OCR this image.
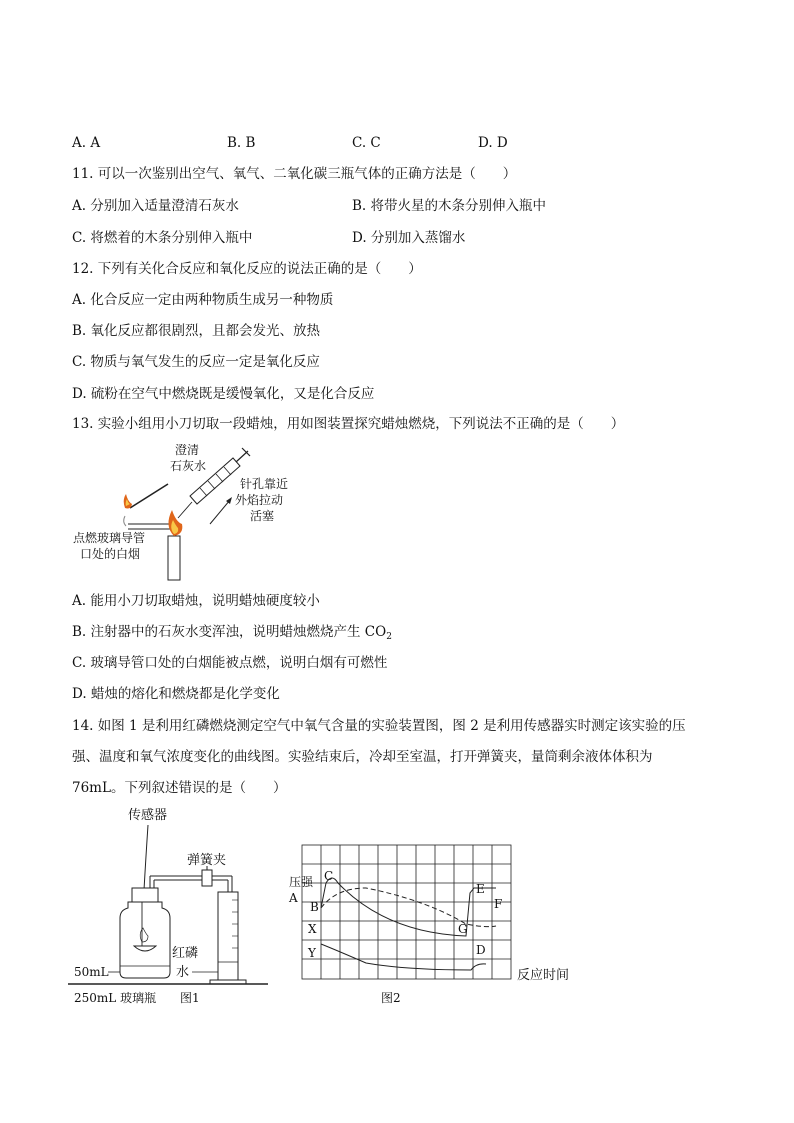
A. A	B. B	C. C	D. D
11. 可以一次鉴别出空气、氧气、二氧化碳三瓶气体的正确方法是（　　）
A. 分别加入适量澄清石灰水	B. 将带火星的木条分别伸入瓶中
C. 将燃着的木条分别伸入瓶中	D. 分别加入蒸馏水
12. 下列有关化合反应和氧化反应的说法正确的是（　　）
A. 化合反应一定由两种物质生成另一种物质
B. 氧化反应都很剧烈，且都会发光、放热
C. 物质与氧气发生的反应一定是氧化反应
D. 硫粉在空气中燃烧既是缓慢氧化，又是化合反应
13. 实验小组用小刀切取一段蜡烛，用如图装置探究蜡烛燃烧，下列说法不正确的是（　　）
澄清
石灰水
针孔靠近
外焰拉动
活塞
点燃玻璃导管
口处的白烟
A. 能用小刀切取蜡烛，说明蜡烛硬度较小
B. 注射器中的石灰水变浑浊，说明蜡烛燃烧产生 $CO_2$
C. 玻璃导管口处的白烟能被点燃，说明白烟有可燃性
D. 蜡烛的熔化和燃烧都是化学变化
14. 如图 1 是利用红磷燃烧测定空气中氧气含量的实验装置图，图 2 是利用传感器实时测定该实验的压
强、温度和氧气浓度变化的曲线图。实验结束后，冷却至室温，打开弹簧夹，量筒剩余液体体积为
76mL。下列叙述错误的是（　　）
传感器
弹簧夹
红磷
50mL	水
250mL 玻璃瓶 图1
压强
A
B
C
X
Y
G
E
F
D
反应时间
图2
